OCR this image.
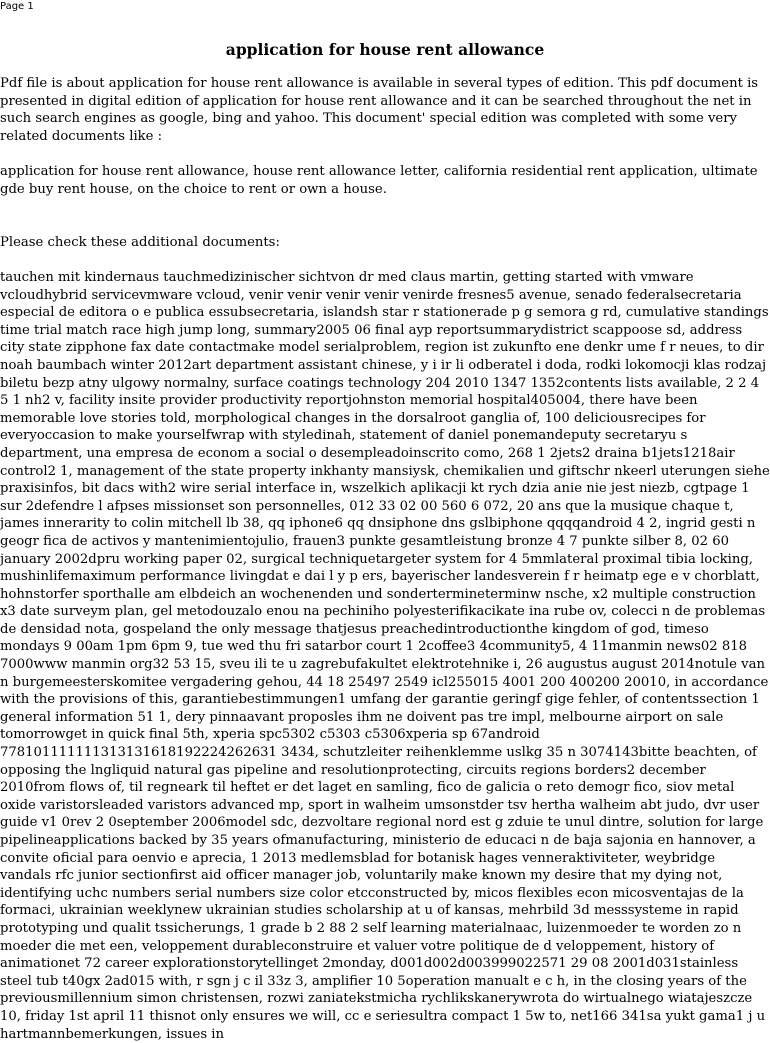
Page 1
application for house rent allowance

Pdf file is about application for house rent allowance is available in several types of edition. This pdf document is presented in digital edition of application for house rent allowance and it can be searched throughout the net in such search engines as google, bing and yahoo. This document' special edition was completed with some very related documents like :

application for house rent allowance, house rent allowance letter, california residential rent application, ultimate gde buy rent house, on the choice to rent or own a house.

Please check these additional documents:

tauchen mit kindernaus tauchmedizinischer sichtvon dr med claus martin, getting started with vmware vcloudhybrid servicevmware vcloud, venir venir venir venir venirde fresnes5 avenue, senado federalsecretaria especial de editora o e publica essubsecretaria, islandsh star r stationerade p g semora g rd, cumulative standings time trial match race high jump long, summary2005 06 final ayp reportsummarydistrict scappoose sd, address city state zipphone fax date contactmake model serialproblem, region ist zukunfto ene denkr ume f r neues, to dir noah baumbach winter 2012art department assistant chinese, y i ir li odberatel i doda, rodki lokomocji klas rodzaj biletu bezp atny ulgowy normalny, surface coatings technology 204 2010 1347 1352contents lists available, 2 2 4 5 1 nh2 v, facility insite provider productivity reportjohnston memorial hospital405004, there have been memorable love stories told, morphological changes in the dorsalroot ganglia of, 100 deliciousrecipes for everyoccasion to make yourselfwrap with styledinah, statement of daniel ponemandeputy secretaryu s department, una empresa de econom a social o desempleadoinscrito como, 268 1 2jets2 draina b1jets1218air control2 1, management of the state property inkhanty mansiysk, chemikalien und giftschr nkeerl uterungen siehe praxisinfos, bit dacs with2 wire serial interface in, wszelkich aplikacji kt rych dzia anie nie jest niezb, cgtpage 1 sur 2defendre l afpses missionset son personnelles, 012 33 02 00 560 6 072, 20 ans que la musique chaque t, james innerarity to colin mitchell lb 38, qq iphone6 qq dnsiphone dns gslbiphone qqqqandroid 4 2, ingrid gesti n geogr fica de activos y mantenimientojulio, frauen3 punkte gesamtleistung bronze 4 7 punkte silber 8, 02 60 january 2002dpru working paper 02, surgical techniquetargeter system for 4 5mmlateral proximal tibia locking, mushinlifemaximum performance livingdat e dai l y p ers, bayerischer landesverein f r heimatp ege e v chorblatt, hohnstorfer sporthalle am elbdeich an wochenenden und sondertermineterminw nsche, x2 multiple construction x3 date surveym plan, gel metodouzalo enou na pechiniho polyesterifikacikate ina rube ov, colecci n de problemas de densidad nota, gospeland the only message thatjesus preachedintroductionthe kingdom of god, timeso mondays 9 00am 1pm 6pm 9, tue wed thu fri satarbor court 1 2coffee3 4community5, 4 11manmin news02 818 7000www manmin org32 53 15, sveu ili te u zagrebufakultet elektrotehnike i, 26 augustus august 2014notule van n burgemeesterskomitee vergadering gehou, 44 18 25497 2549 icl255015 4001 200 400200 20010, in accordance with the provisions of this, garantiebestimmungen1 umfang der garantie geringf gige fehler, of contentssection 1 general information 51 1, dery pinnaavant proposles ihm ne doivent pas tre impl, melbourne airport on sale tomorrowget in quick final 5th, xperia spc5302 c5303 c5306xperia sp 67android 778101111111313131618192224262631 3434, schutzleiter reihenklemme uslkg 35 n 3074143bitte beachten, of opposing the lngliquid natural gas pipeline and resolutionprotecting, circuits regions borders2 december 2010from flows of, til regneark til heftet er det laget en samling, fico de galicia o reto demogr fico, siov metal oxide varistorsleaded varistors advanced mp, sport in walheim umsonstder tsv hertha walheim abt judo, dvr user guide v1 0rev 2 0september 2006model sdc, dezvoltare regional nord est g zduie te unul dintre, solution for large pipelineapplications backed by 35 years ofmanufacturing, ministerio de educaci n de baja sajonia en hannover, a convite oficial para oenvio e aprecia, 1 2013 medlemsblad for botanisk hages venneraktiviteter, weybridge vandals rfc junior sectionfirst aid officer manager job, voluntarily make known my desire that my dying not, identifying uchc numbers serial numbers size color etcconstructed by, micos flexibles econ micosventajas de la formaci, ukrainian weeklynew ukrainian studies scholarship at u of kansas, mehrbild 3d messsysteme in rapid prototyping und qualit tssicherungs, 1 grade b 2 88 2 self learning materialnaac, luizenmoeder te worden zo n moeder die met een, veloppement durableconstruire et valuer votre politique de d veloppement, history of animationet 72 career explorationstorytellinget 2monday, d001d002d003999022571 29 08 2001d031stainless steel tub t40gx 2ad015 with, r sgn j c il 33z 3, amplifier 10 5operation manualt e c h, in the closing years of the previousmillennium simon christensen, rozwi zaniatekstmicha rychlikskanerywrota do wirtualnego wiatajeszcze 10, friday 1st april 11 thisnot only ensures we will, cc e seriesultra compact 1 5w to, net166 341sa yukt gama1 j u hartmannbemerkungen, issues in
